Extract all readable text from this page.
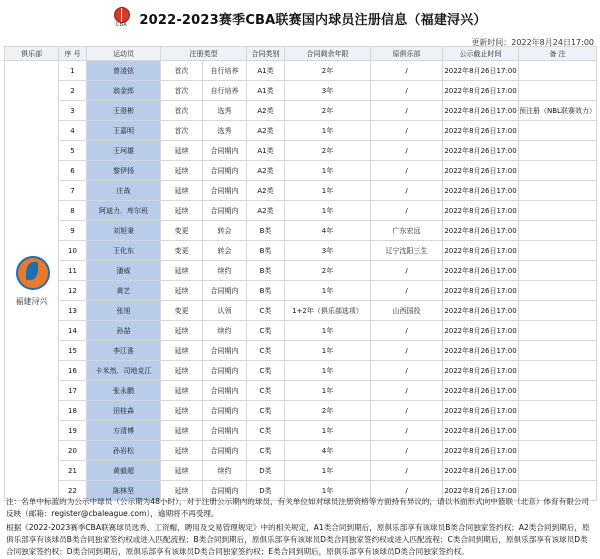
CBA 2022-2023赛季CBA联赛国内球员注册信息（福建浔兴）
更新时间：2022年8月24日17:00
俱乐部	序 号	运动员	注册类型		合同类别	合同剩余年限	原俱乐部	公示截止时间	备 注

福建浔兴	1	曾凌铉	首次	自行培养	A1类	2年	/	2022年8月26日17:00	
	2	翁金郎	首次	自行培养	A1类	3年	/	2022年8月26日17:00	
	3	王澄彬	首次	选秀	A2类	2年	/	2022年8月26日17:00	预注册（NBL联赛效力）
	4	王嘉明	首次	选秀	A2类	1年	/	2022年8月26日17:00	
	5	王珂雄	延续	合同期内	A1类	2年	/	2022年8月26日17:00	
	6	黎伊扬	延续	合同期内	A2类	1年	/	2022年8月26日17:00	
	7	庄战	延续	合同期内	A2类	1年	/	2022年8月26日17:00	
	8	阿迪力．库尔班	延续	合同期内	A2类	1年	/	2022年8月26日17:00	
	9	刘旭秉	变更	转会	B类	4年	广东宏远	2022年8月26日17:00	
	10	王化东	变更	转会	B类	3年	辽宁沈阳三生	2022年8月26日17:00	
	11	潘威	延续	续约	B类	2年	/	2022年8月26日17:00	
	12	黄艺	延续	合同期内	B类	1年	/	2022年8月26日17:00	
	13	张旭	变更	认领	C类	1+2年（俱乐部选项）	山西国投	2022年8月26日17:00	
	14	孙喆	延续	续约	C类	1年	/	2022年8月26日17:00	
	15	李江淮	延续	合同期内	C类	1年	/	2022年8月26日17:00	
	16	卡米然．司地克江	延续	合同期内	C类	1年	/	2022年8月26日17:00	
	17	张永鹏	延续	合同期内	C类	1年	/	2022年8月26日17:00	
	18	田桂森	延续	合同期内	C类	2年	/	2022年8月26日17:00	
	19	方清博	延续	合同期内	C类	1年	/	2022年8月26日17:00	
	20	孙岩松	延续	合同期内	C类	4年	/	2022年8月26日17:00	
	21	黄毅超	延续	续约	D类	1年	/	2022年8月26日17:00	
	22	陈林坚	延续	合同期内	D类	1年	/	2022年8月26日17:00	
注：名单中标蓝的为公示中球员（公示期为48小时），对于注册公示期内的球员，有关单位如对球员注册资格等方面持有异议的，请以书面形式向中篮联（北京）体育有限公司反映（邮箱：register@cbaleague.com），逾期将不再受理。
根据《2022-2023赛季CBA联赛球员选秀、工资帽、聘用及交易管理规定》中的相关规定，A1类合同到期后，原俱乐部享有该球员B类合同独家签约权；A2类合同到期后，原俱乐部享有该球员B类合同独家签约权或进入匹配流程；B类合同到期后，原俱乐部享有该球员D类合同独家签约权或进入匹配流程；C类合同到期后，原俱乐部享有该球员D类合同独家签约权；D类合同到期后，原俱乐部享有该球员D类合同独家签约权；E类合同到期后，原俱乐部享有该球员D类合同独家签约权。
